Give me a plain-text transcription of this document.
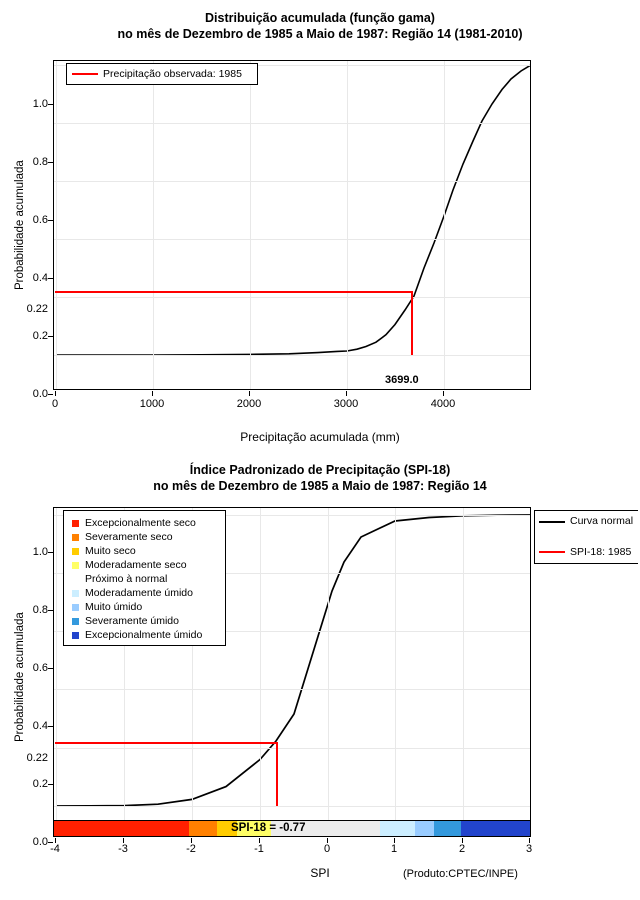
Distribuição acumulada (função gama)
no mês de Dezembro de 1985 a Maio de 1987: Região 14 (1981-2010)
Probabilidade acumulada
Precipitação observada: 1985
0.0
0.2
0.4
0.6
0.8
1.0
0.22
0	1000	2000	3000	4000
3699.0
Precipitação acumulada (mm)
Índice Padronizado de Precipitação (SPI-18)
no mês de Dezembro de 1985 a Maio de 1987: Região 14
Probabilidade acumulada
Excepcionalmente seco
Severamente seco
Muito seco
Moderadamente seco
Próximo à normal
Moderadamente úmido
Muito úmido
Severamente úmido
Excepcionalmente úmido
Curva normal
SPI-18: 1985
0.0
0.2
0.4
0.6
0.8
1.0
0.22
SPI-18 = -0.77
-4	-3	-2	-1	0	1	2	3
SPI	(Produto:CPTEC/INPE)
